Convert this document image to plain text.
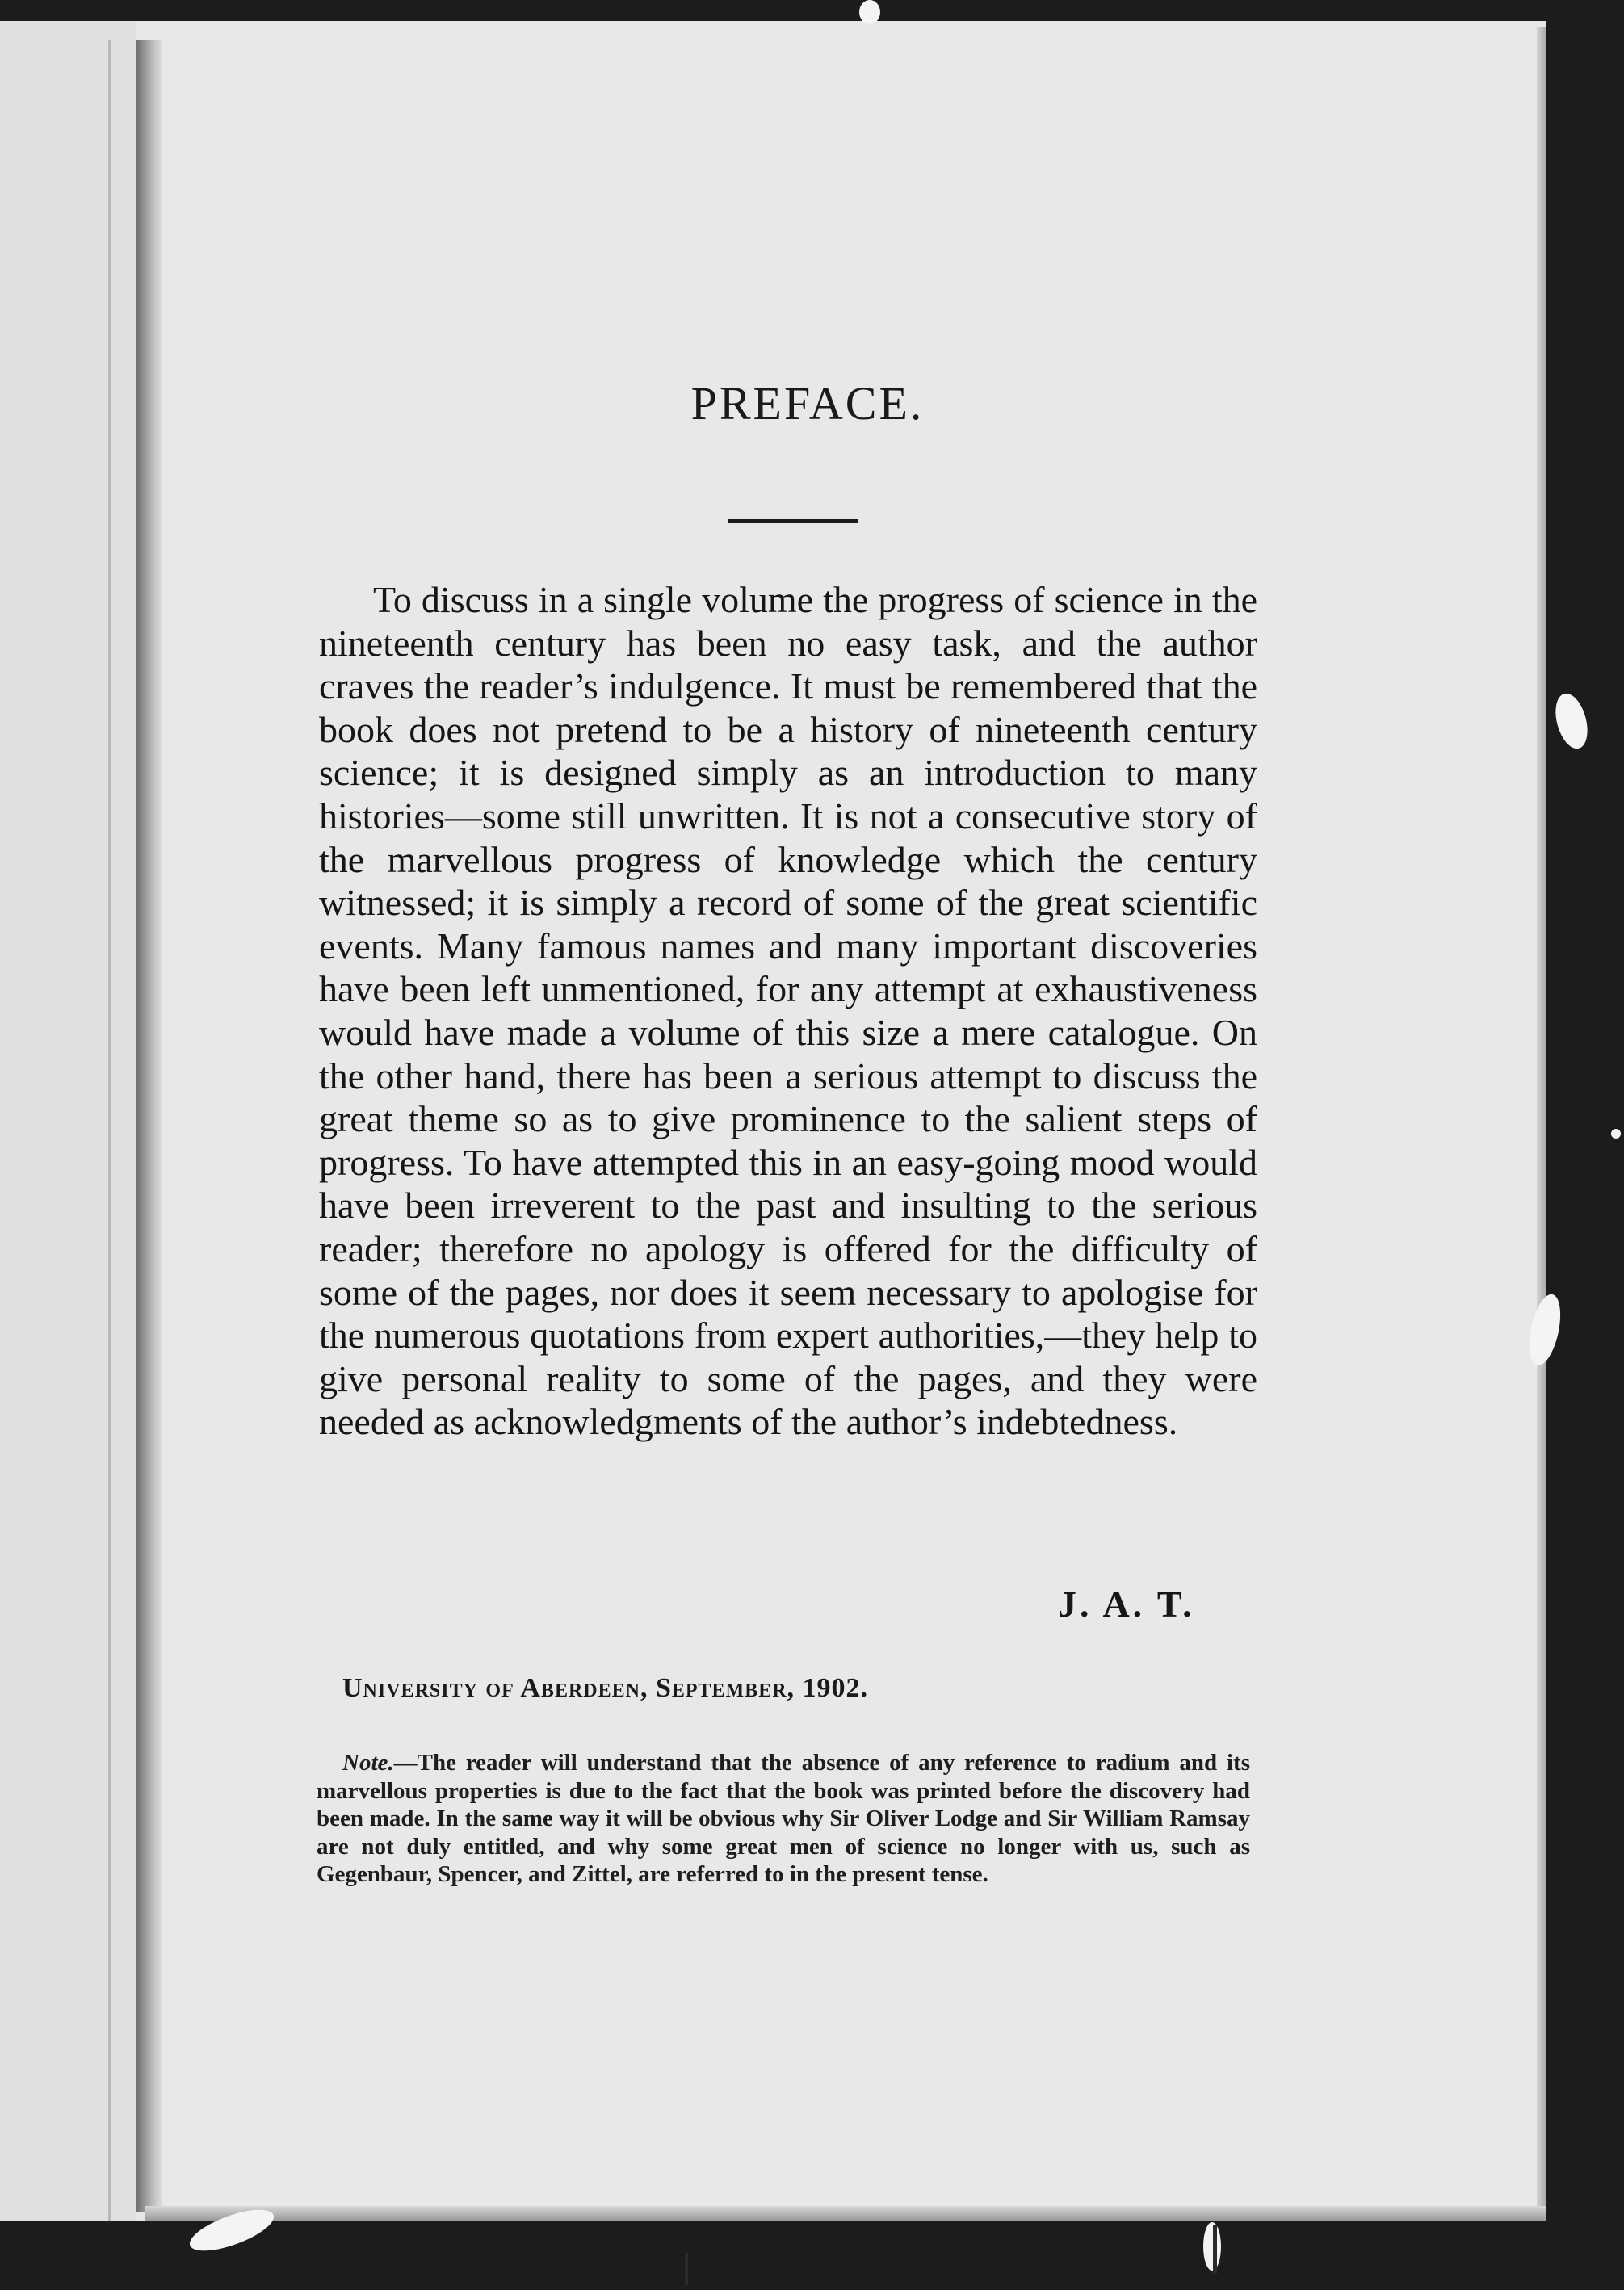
PREFACE.

To discuss in a single volume the progress of science in the nineteenth century has been no easy task, and the author craves the reader’s indulgence. It must be remembered that the book does not pretend to be a history of nineteenth century science; it is designed simply as an introduction to many histories—some still unwritten. It is not a consecutive story of the marvellous progress of knowledge which the century witnessed; it is simply a record of some of the great scientific events. Many famous names and many important discoveries have been left unmentioned, for any attempt at exhaustiveness would have made a volume of this size a mere catalogue. On the other hand, there has been a serious attempt to discuss the great theme so as to give prominence to the salient steps of progress. To have attempted this in an easy-going mood would have been irreverent to the past and insulting to the serious reader; therefore no apology is offered for the difficulty of some of the pages, nor does it seem necessary to apologise for the numerous quotations from expert authorities,—they help to give personal reality to some of the pages, and they were needed as acknowledgments of the author’s indebtedness.

J. A. T.

University of Aberdeen, September, 1902.

Note.—The reader will understand that the absence of any reference to radium and its marvellous properties is due to the fact that the book was printed before the discovery had been made. In the same way it will be obvious why Sir Oliver Lodge and Sir William Ramsay are not duly entitled, and why some great men of science no longer with us, such as Gegenbaur, Spencer, and Zittel, are referred to in the present tense.
